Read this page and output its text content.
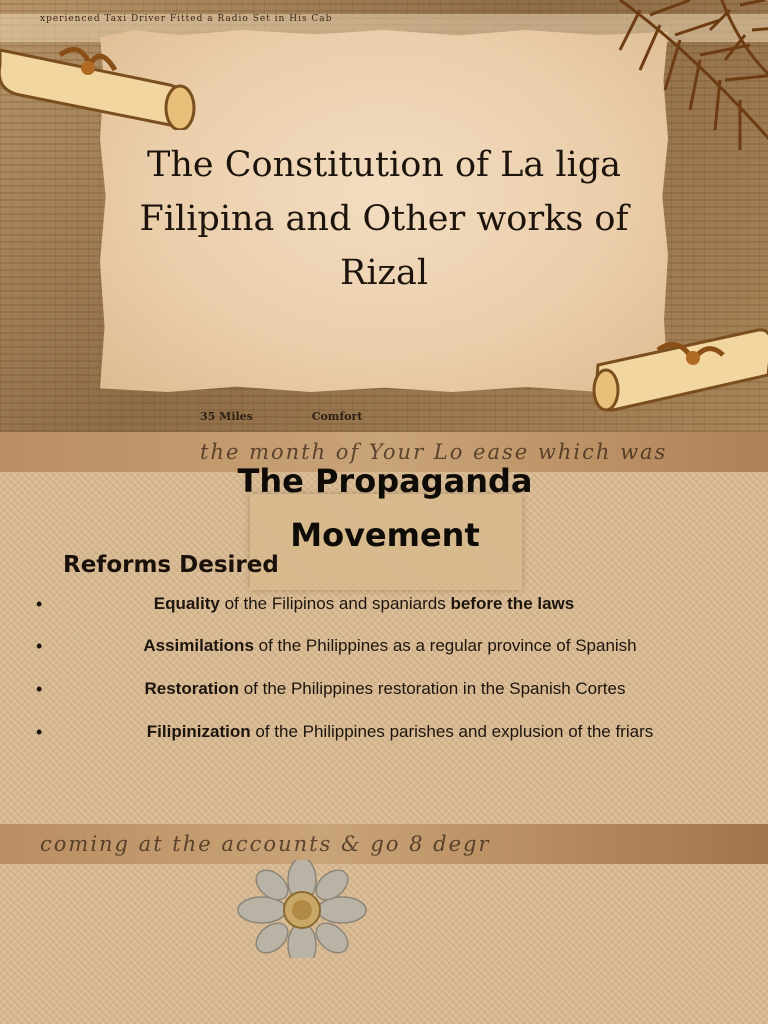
xperienced Taxi Driver Fitted a Radio Set in His Cab
The Constitution of La liga
Filipina and Other works of
Rizal
35 Miles	Comfort
the month of Your Lo ease which was
coming at the accounts & go 8 degr
The Propaganda
Movement
Reforms Desired
•	Equality of the Filipinos and spaniards before the laws
•	Assimilations of the Philippines as a regular province of Spanish
•	Restoration of the Philippines restoration in the Spanish Cortes
•	Filipinization of the Philippines parishes and explusion of the friars
